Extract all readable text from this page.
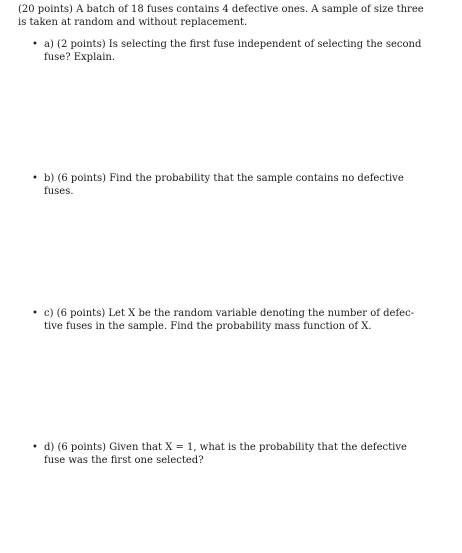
(20 points) A batch of 18 fuses contains 4 defective ones. A sample of size three
is taken at random and without replacement.
• a) (2 points) Is selecting the first fuse independent of selecting the second
fuse? Explain.
• b) (6 points) Find the probability that the sample contains no defective
fuses.
• c) (6 points) Let X be the random variable denoting the number of defec-
tive fuses in the sample. Find the probability mass function of X.
• d) (6 points) Given that X = 1, what is the probability that the defective
fuse was the first one selected?
